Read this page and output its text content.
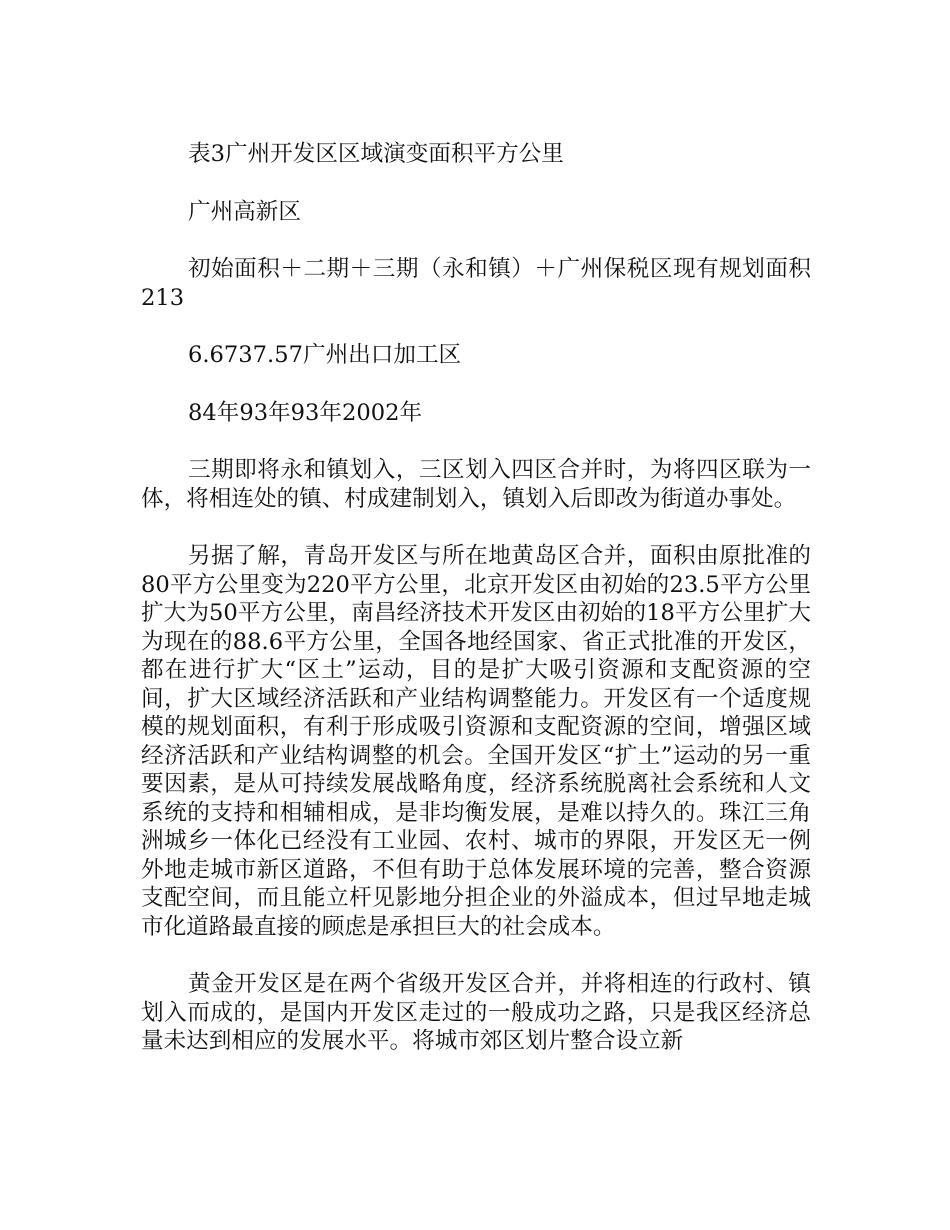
表3广州开发区区域演变面积平方公里

广州高新区

初始面积＋二期＋三期（永和镇）＋广州保税区现有规划面积213

6.6737.57广州出口加工区

84年93年93年2002年

三期即将永和镇划入，三区划入四区合并时，为将四区联为一体，将相连处的镇、村成建制划入，镇划入后即改为街道办事处。

另据了解，青岛开发区与所在地黄岛区合并，面积由原批准的80平方公里变为220平方公里，北京开发区由初始的23.5平方公里扩大为50平方公里，南昌经济技术开发区由初始的18平方公里扩大为现在的88.6平方公里，全国各地经国家、省正式批准的开发区，都在进行扩大“区土”运动，目的是扩大吸引资源和支配资源的空间，扩大区域经济活跃和产业结构调整能力。开发区有一个适度规模的规划面积，有利于形成吸引资源和支配资源的空间，增强区域经济活跃和产业结构调整的机会。全国开发区“扩土”运动的另一重要因素，是从可持续发展战略角度，经济系统脱离社会系统和人文系统的支持和相辅相成，是非均衡发展，是难以持久的。珠江三角洲城乡一体化已经没有工业园、农村、城市的界限，开发区无一例外地走城市新区道路，不但有助于总体发展环境的完善，整合资源支配空间，而且能立杆见影地分担企业的外溢成本，但过早地走城市化道路最直接的顾虑是承担巨大的社会成本。

黄金开发区是在两个省级开发区合并，并将相连的行政村、镇划入而成的，是国内开发区走过的一般成功之路，只是我区经济总量未达到相应的发展水平。将城市郊区划片整合设立新
